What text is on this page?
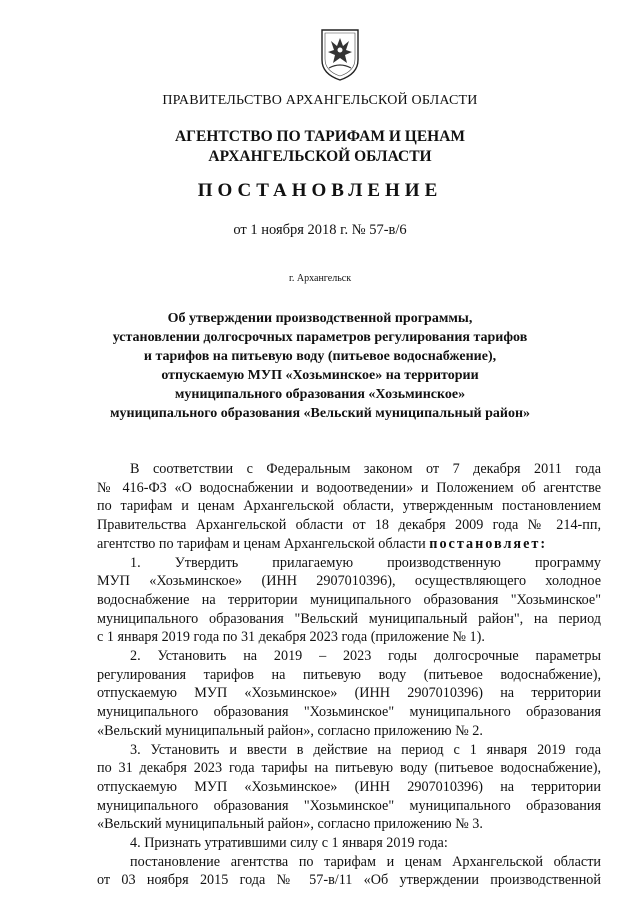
ПРАВИТЕЛЬСТВО АРХАНГЕЛЬСКОЙ ОБЛАСТИ
АГЕНТСТВО ПО ТАРИФАМ И ЦЕНАМ
АРХАНГЕЛЬСКОЙ ОБЛАСТИ
ПОСТАНОВЛЕНИЕ
от 1 ноября 2018 г. № 57-в/6
г. Архангельск
Об утверждении производственной программы,
установлении долгосрочных параметров регулирования тарифов
и тарифов на питьевую воду (питьевое водоснабжение),
отпускаемую МУП «Хозьминское» на территории
муниципального образования «Хозьминское»
муниципального образования «Вельский муниципальный район»
В соответствии с Федеральным законом от 7 декабря 2011 года
№ 416-ФЗ «О водоснабжении и водоотведении» и Положением об агентстве
по тарифам и ценам Архангельской области, утвержденным постановлением
Правительства Архангельской области от 18 декабря 2009 года № 214-пп,
агентство по тарифам и ценам Архангельской области постановляет:
1. Утвердить прилагаемую производственную программу
МУП «Хозьминское» (ИНН 2907010396), осуществляющего холодное
водоснабжение на территории муниципального образования "Хозьминское"
муниципального образования "Вельский муниципальный район", на период
с 1 января 2019 года по 31 декабря 2023 года (приложение № 1).
2. Установить на 2019 – 2023 годы долгосрочные параметры
регулирования тарифов на питьевую воду (питьевое водоснабжение),
отпускаемую МУП «Хозьминское» (ИНН 2907010396) на территории
муниципального образования "Хозьминское" муниципального образования
«Вельский муниципальный район», согласно приложению № 2.
3. Установить и ввести в действие на период с 1 января 2019 года
по 31 декабря 2023 года тарифы на питьевую воду (питьевое водоснабжение),
отпускаемую МУП «Хозьминское» (ИНН 2907010396) на территории
муниципального образования "Хозьминское" муниципального образования
«Вельский муниципальный район», согласно приложению № 3.
4. Признать утратившими силу с 1 января 2019 года:
постановление агентства по тарифам и ценам Архангельской области
от 03 ноября 2015 года № 57-в/11 «Об утверждении производственной
